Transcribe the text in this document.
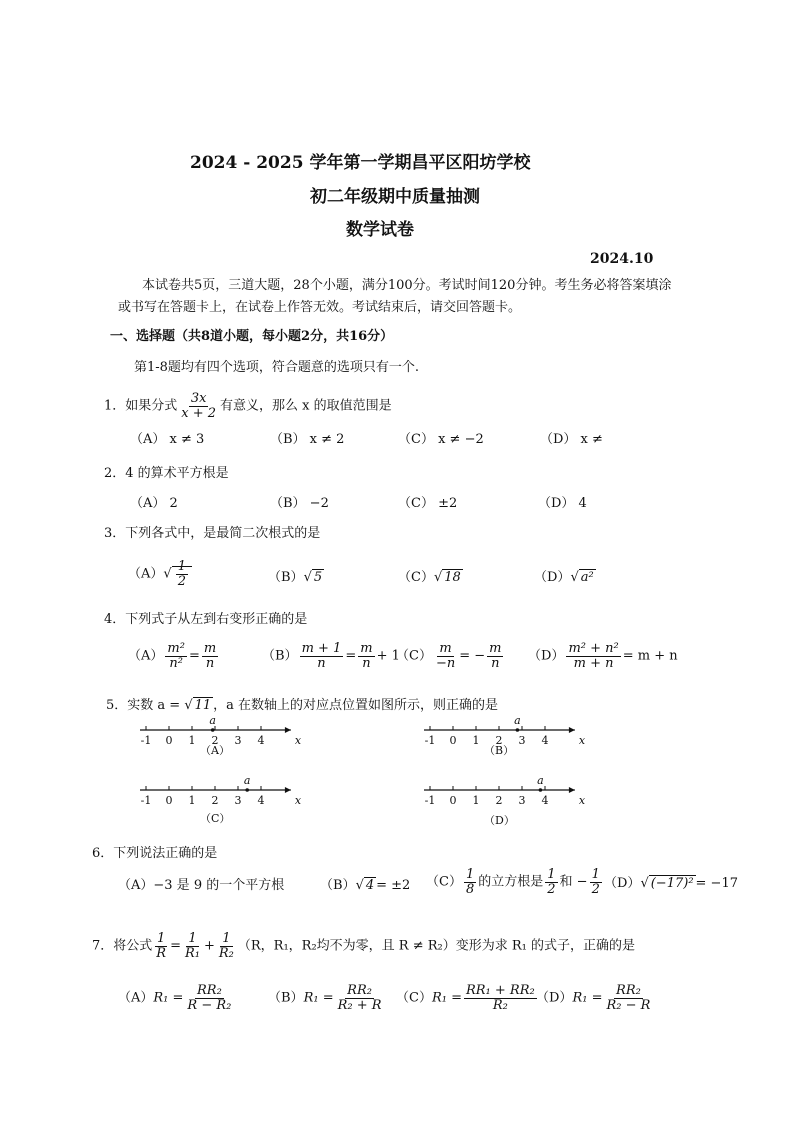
2024 - 2025 学年第一学期昌平区阳坊学校
初二年级期中质量抽测
数学试卷
2024.10
本试卷共5页，三道大题，28个小题，满分100分。考试时间120分钟。考生务必将答案填涂
或书写在答题卡上，在试卷上作答无效。考试结束后，请交回答题卡。
一、选择题（共8道小题，每小题2分，共16分）
第1-8题均有四个选项，符合题意的选项只有一个.
1．如果分式 $\frac{3x}{x + 2}$ 有意义，那么 x 的取值范围是
（A） x ≠ 3	（B） x ≠ 2	（C） x ≠ −2	（D） x ≠
2．4 的算术平方根是
（A） 2	（B） −2	（C） ±2	（D） 4
3．下列各式中，是最简二次根式的是
$(A)√ \frac{1}{2}$	（B）√ 5	（C）√ 18	（D）√ a²
4．下列式子从左到右变形正确的是
$(A) \frac{\text{m²}}{\text{n²}} = \frac{m}{n}$	$(B) \frac{m + 1}{n} = \frac{m}{n} + 1$
$(C) \frac{m}{-n}$ = − $\frac{m}{n} (D) \frac{\text{m² + n²}}{m + n} = m + n$
5．实数 a = √ 11 ，a 在数轴上的对应点位置如图所示，则正确的是
-1 0 1 2 3 4	x
a
（A）
-1 0 1 2 3 4	x
a
（B）
-1 0 1 2 3 4	x
a
（C）
-1 0 1 2 3 4	x
a
（D）
6．下列说法正确的是
（A）−3 是 9 的一个平方根	（B）√ 4 = ±2 $(C) \frac{1}{8}$ 的立方根是 $\frac{1}{2}$ 和 − $\frac{1}{2} (D)√$ (−17)² = −17
7．将公式 $\frac{1}{R} = \frac{1}{\text{R₁}} + \frac{1}{\text{R₂}} (R$，R₁，R₂均不为零，且 R ≠ R₂）变形为求 R₁ 的式子，正确的是
$(A)R_1 = \frac{\text{RR₂}}{\text{R − R₂}}$	$(B)R_1 = \frac{\text{RR₂}}{\text{R₂ + R}} (C)R_1 = \frac{\text{RR₁ + RR₂}}{\text{R₂}} (D)R_1 = \frac{\text{RR₂}}{\text{R₂ − R}}$
